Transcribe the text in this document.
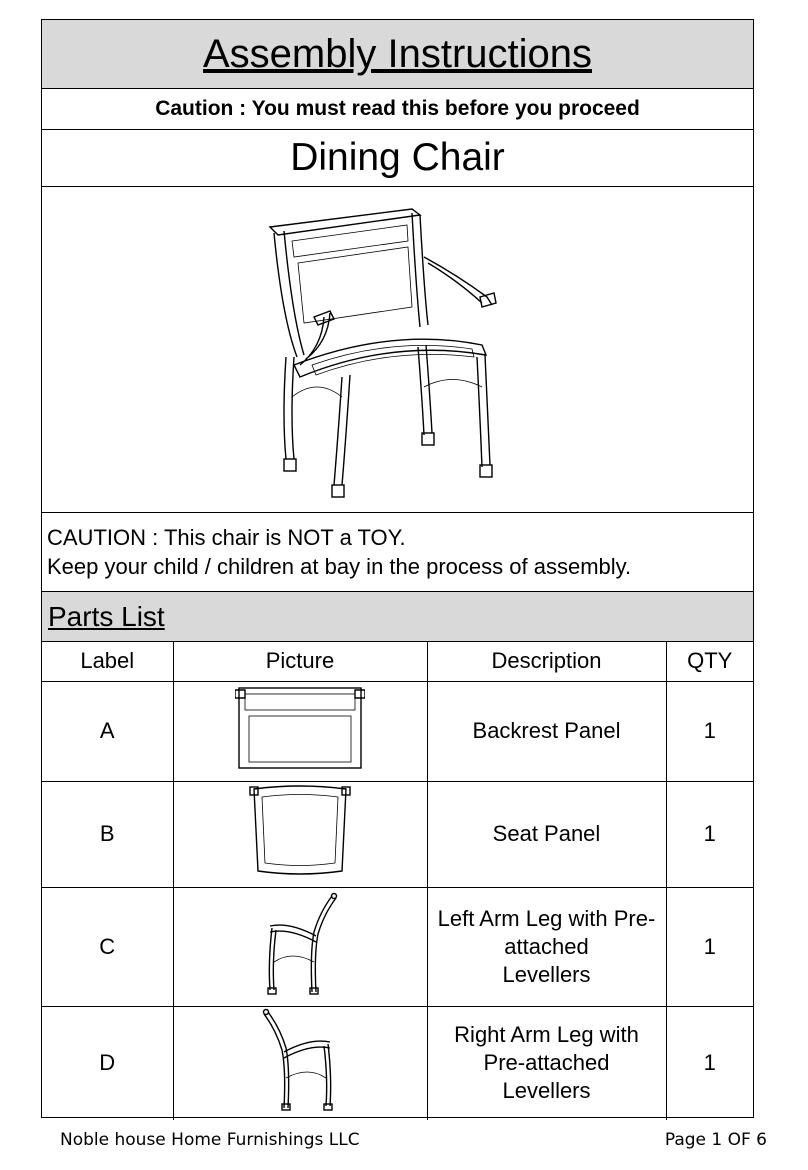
Assembly Instructions
Caution : You must read this before you proceed
Dining Chair
CAUTION : This chair is NOT a TOY.
Keep your child / children at bay in the process of assembly.
Parts List
Label	Picture	Description	QTY
A		Backrest Panel	1
B		Seat Panel	1
C		Left Arm Leg with Pre-
attached
Levellers	1
D		Right Arm Leg with
Pre-attached
Levellers	1
Noble house Home Furnishings LLC	Page 1 OF 6
